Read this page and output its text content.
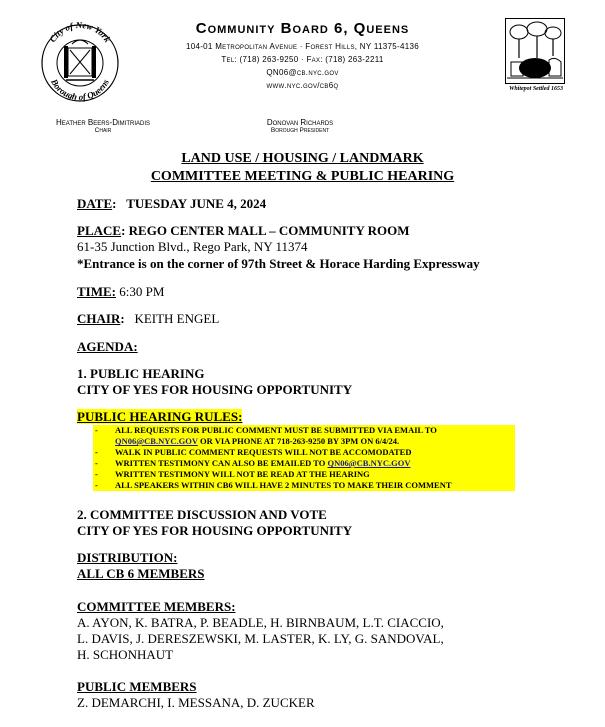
City of New York
Borough of Queens
Community Board 6, Queens
104-01 Metropolitan Avenue · Forest Hills, NY 11375-4136
Tel: (718) 263-9250 · Fax: (718) 263-2211
QN06@cb.nyc.gov
www.nyc.gov/cb6q	Whitepot Settled 1653
Heather Beers-Dimitriadis
Chair
Donovan Richards
Borough President
LAND USE / HOUSING / LANDMARK
COMMITTEE MEETING & PUBLIC HEARING
DATE:   TUESDAY JUNE 4, 2024
PLACE: REGO CENTER MALL – COMMUNITY ROOM
61-35 Junction Blvd., Rego Park, NY 11374
*Entrance is on the corner of 97th Street & Horace Harding Expressway
TIME: 6:30 PM
CHAIR: KEITH ENGEL
AGENDA:
1. PUBLIC HEARING
CITY OF YES FOR HOUSING OPPORTUNITY
PUBLIC HEARING RULES:
- ALL REQUESTS FOR PUBLIC COMMENT MUST BE SUBMITTED VIA EMAIL TO
QN06@CB.NYC.GOV OR VIA PHONE AT 718-263-9250 BY 3PM ON 6/4/24.
- WALK IN PUBLIC COMMENT REQUESTS WILL NOT BE ACCOMODATED
- WRITTEN TESTIMONY CAN ALSO BE EMAILED TO QN06@CB.NYC.GOV
- WRITTEN TESTIMONY WILL NOT BE READ AT THE HEARING
- ALL SPEAKERS WITHIN CB6 WILL HAVE 2 MINUTES TO MAKE THEIR COMMENT
2. COMMITTEE DISCUSSION AND VOTE
CITY OF YES FOR HOUSING OPPORTUNITY
DISTRIBUTION:
ALL CB 6 MEMBERS
COMMITTEE MEMBERS:
A. AYON, K. BATRA, P. BEADLE, H. BIRNBAUM, L.T. CIACCIO,
L. DAVIS, J. DERESZEWSKI, M. LASTER, K. LY, G. SANDOVAL,
H. SCHONHAUT
PUBLIC MEMBERS
Z. DEMARCHI, I. MESSANA, D. ZUCKER
